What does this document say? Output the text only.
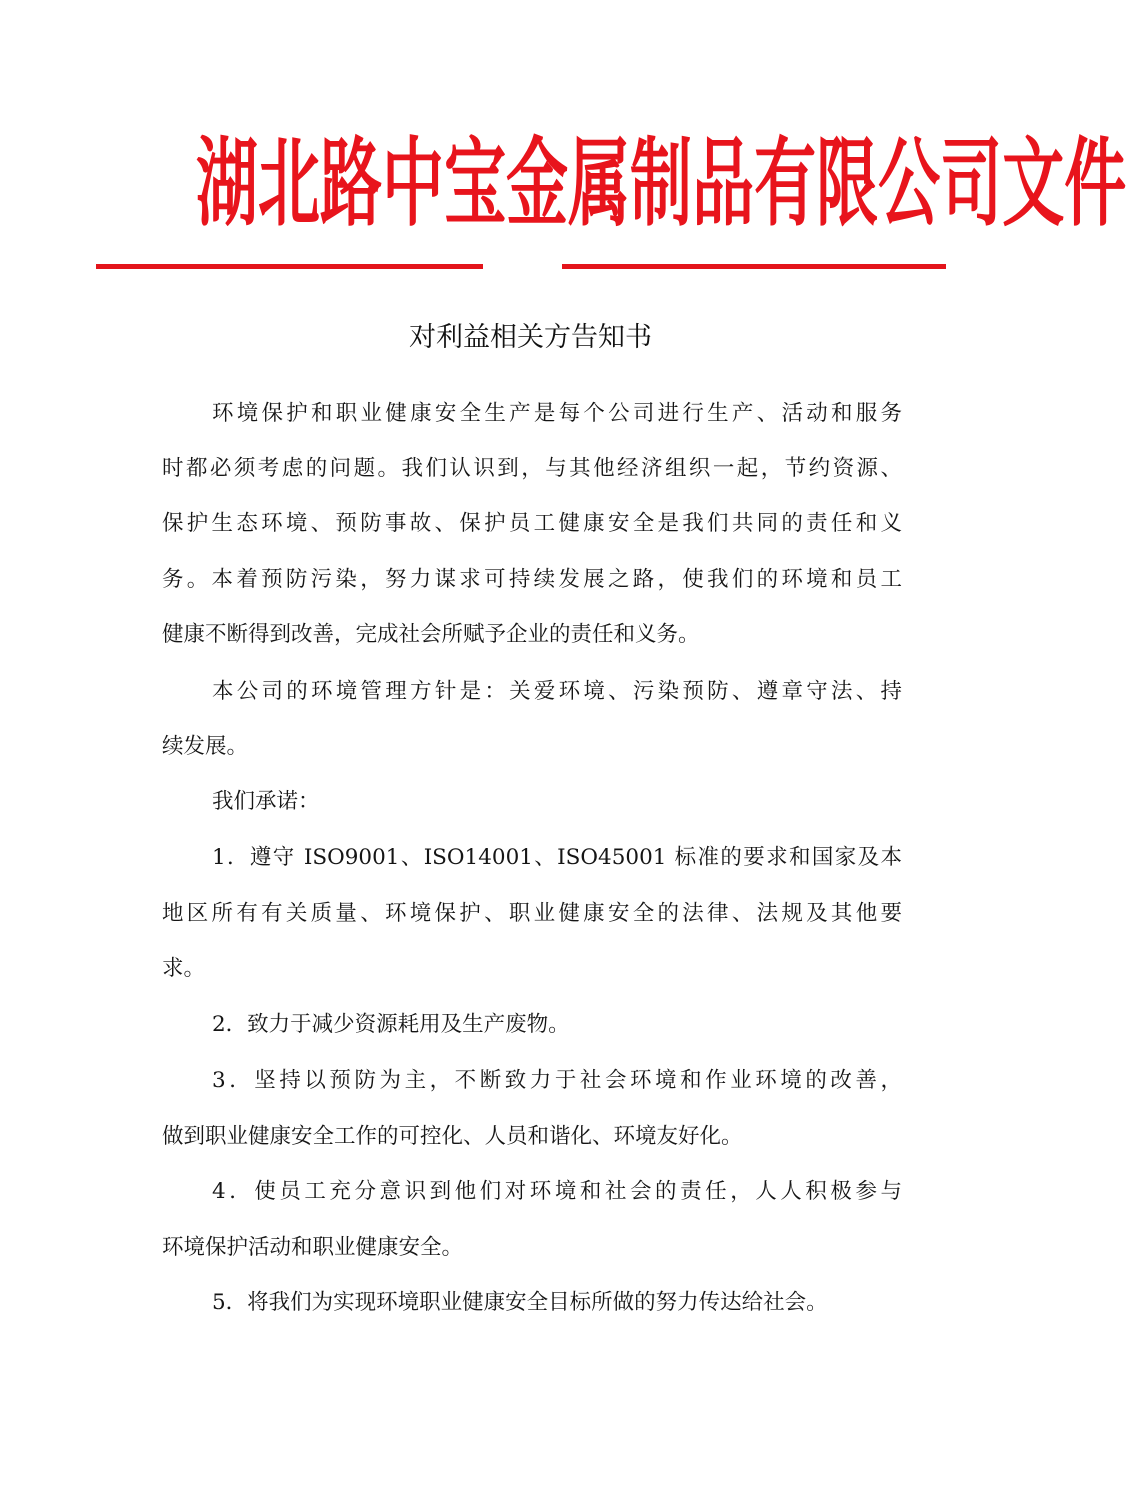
湖 北 路 中 宝 金 属 制 品 有 限 公 司 文 件
对利益相关方告知书
环境保护和职业健康安全生产是每个公司进行生产、活动和服务
时都必须考虑的问题。我们认识到，与其他经济组织一起，节约资源、
保护生态环境、预防事故、保护员工健康安全是我们共同的责任和义
务。本着预防污染，努力谋求可持续发展之路，使我们的环境和员工
健康不断得到改善，完成社会所赋予企业的责任和义务。
本公司的环境管理方针是：关爱环境、污染预防、遵章守法、持
续发展。
我们承诺：
1．遵守 ISO9001、ISO14001、ISO45001 标准的要求和国家及本
地区所有有关质量、环境保护、职业健康安全的法律、法规及其他要
求。
2．致力于减少资源耗用及生产废物。
3．坚持以预防为主，不断致力于社会环境和作业环境的改善，
做到职业健康安全工作的可控化、人员和谐化、环境友好化。
4．使员工充分意识到他们对环境和社会的责任，人人积极参与
环境保护活动和职业健康安全。
5．将我们为实现环境职业健康安全目标所做的努力传达给社会。
